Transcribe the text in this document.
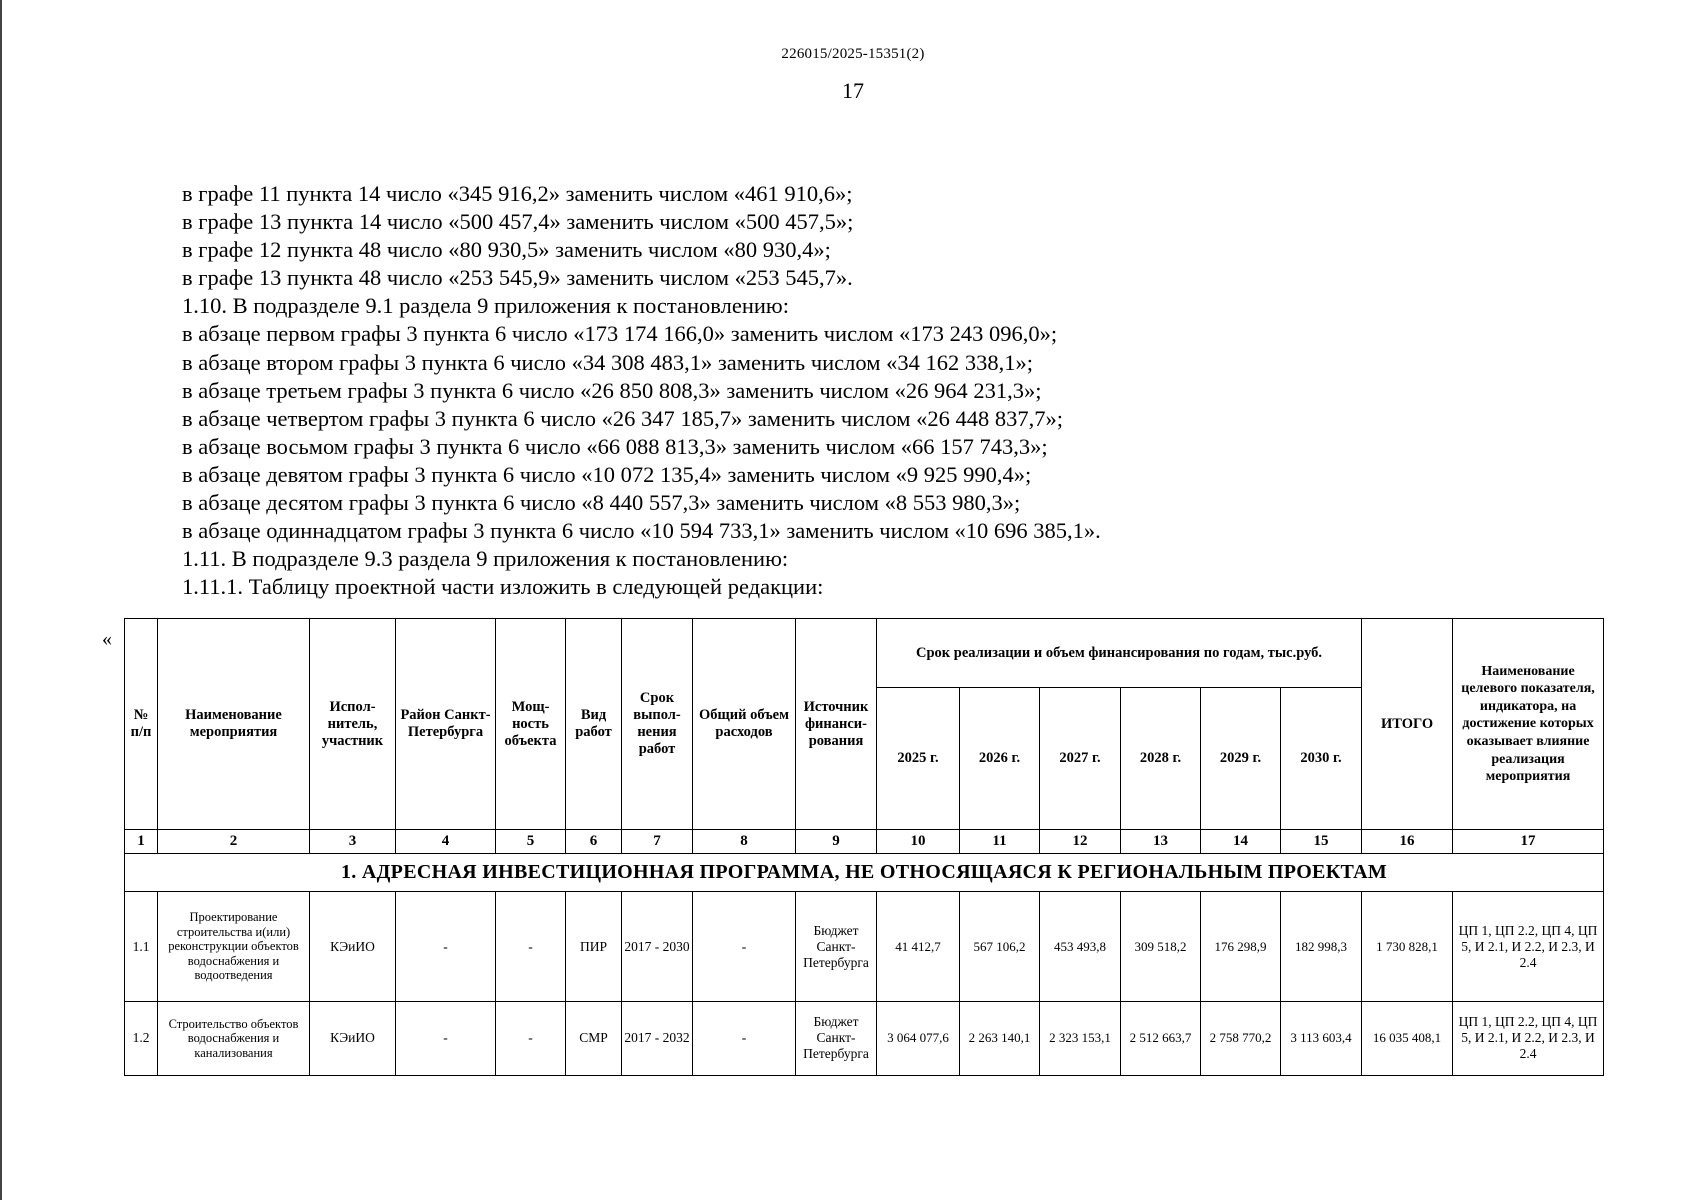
226015/2025-15351(2)
17

в графе 11 пункта 14 число «345 916,2» заменить числом «461 910,6»;

в графе 13 пункта 14 число «500 457,4» заменить числом «500 457,5»;

в графе 12 пункта 48 число «80 930,5» заменить числом «80 930,4»;

в графе 13 пункта 48 число «253 545,9» заменить числом «253 545,7».

1.10. В подразделе 9.1 раздела 9 приложения к постановлению:

в абзаце первом графы 3 пункта 6 число «173 174 166,0» заменить числом «173 243 096,0»;

в абзаце втором графы 3 пункта 6 число «34 308 483,1» заменить числом «34 162 338,1»;

в абзаце третьем графы 3 пункта 6 число «26 850 808,3» заменить числом «26 964 231,3»;

в абзаце четвертом графы 3 пункта 6 число «26 347 185,7» заменить числом «26 448 837,7»;

в абзаце восьмом графы 3 пункта 6 число «66 088 813,3» заменить числом «66 157 743,3»;

в абзаце девятом графы 3 пункта 6 число «10 072 135,4» заменить числом «9 925 990,4»;

в абзаце десятом графы 3 пункта 6 число «8 440 557,3» заменить числом «8 553 980,3»;

в абзаце одиннадцатом графы 3 пункта 6 число «10 594 733,1» заменить числом «10 696 385,1».

1.11. В подразделе 9.3 раздела 9 приложения к постановлению:

1.11.1. Таблицу проектной части изложить в следующей редакции:

«
№ п/п	Наименование мероприятия	Испол-нитель, участник	Район Санкт-Петербурга	Мощ-ность объекта	Вид работ	Срок выпол-нения работ	Общий объем расходов	Источник финанси-рования	Срок реализации и объем финансирования по годам, тыс.руб.						ИТОГО	Наименование целевого показателя, индикатора, на достижение которых оказывает влияние реализация мероприятия
									2025 г.	2026 г.	2027 г.	2028 г.	2029 г.	2030 г.		
1	2	3	4	5	6	7	8	9	10	11	12	13	14	15	16	17
1. АДРЕСНАЯ ИНВЕСТИЦИОННАЯ ПРОГРАММА, НЕ ОТНОСЯЩАЯСЯ К РЕГИОНАЛЬНЫМ ПРОЕКТАМ																
1.1	Проектирование строительства и(или) реконструкции объектов водоснабжения и водоотведения	КЭиИО	-	-	ПИР	2017 - 2030	-	Бюджет Санкт-Петербурга	41 412,7	567 106,2	453 493,8	309 518,2	176 298,9	182 998,3	1 730 828,1	ЦП 1, ЦП 2.2, ЦП 4, ЦП 5, И 2.1, И 2.2, И 2.3, И 2.4
1.2	Строительство объектов водоснабжения и канализования	КЭиИО	-	-	СМР	2017 - 2032	-	Бюджет Санкт-Петербурга	3 064 077,6	2 263 140,1	2 323 153,1	2 512 663,7	2 758 770,2	3 113 603,4	16 035 408,1	ЦП 1, ЦП 2.2, ЦП 4, ЦП 5, И 2.1, И 2.2, И 2.3, И 2.4
